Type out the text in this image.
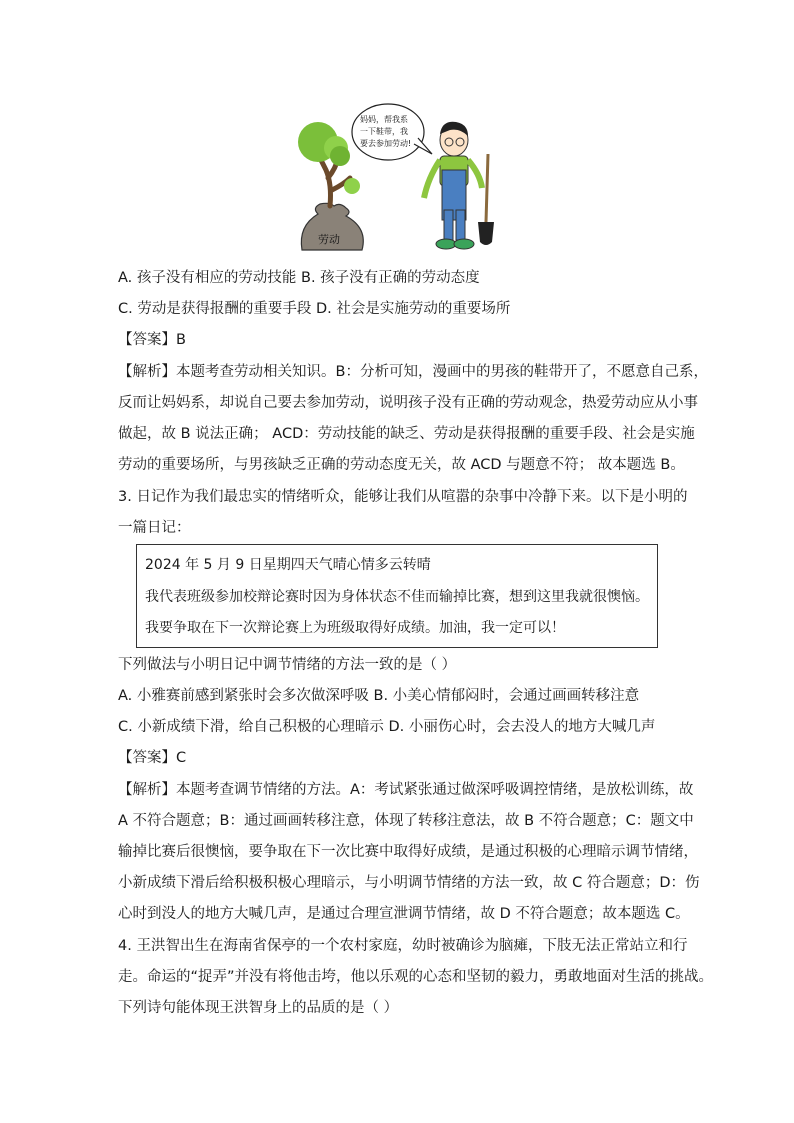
劳动
妈妈，帮我系
一下鞋带，我
要去参加劳动!
A. 孩子没有相应的劳动技能 B. 孩子没有正确的劳动态度
C. 劳动是获得报酬的重要手段 D. 社会是实施劳动的重要场所
【答案】B
【解析】本题考查劳动相关知识。B：分析可知，漫画中的男孩的鞋带开了，不愿意自己系，
反而让妈妈系，却说自己要去参加劳动，说明孩子没有正确的劳动观念，热爱劳动应从小事
做起，故 B 说法正确； ACD：劳动技能的缺乏、劳动是获得报酬的重要手段、社会是实施
劳动的重要场所，与男孩缺乏正确的劳动态度无关，故 ACD 与题意不符； 故本题选 B。
3. 日记作为我们最忠实的情绪听众，能够让我们从喧嚣的杂事中冷静下来。以下是小明的
一篇日记：
2024 年 5 月 9 日星期四天气晴心情多云转晴
我代表班级参加校辩论赛时因为身体状态不佳而输掉比赛，想到这里我就很懊恼。
我要争取在下一次辩论赛上为班级取得好成绩。加油，我一定可以！
下列做法与小明日记中调节情绪的方法一致的是（ ）
A. 小雅赛前感到紧张时会多次做深呼吸 B. 小美心情郁闷时，会通过画画转移注意
C. 小新成绩下滑，给自己积极的心理暗示 D. 小丽伤心时，会去没人的地方大喊几声
【答案】C
【解析】本题考查调节情绪的方法。A：考试紧张通过做深呼吸调控情绪，是放松训练，故
A 不符合题意；B：通过画画转移注意，体现了转移注意法，故 B 不符合题意；C：题文中
输掉比赛后很懊恼，要争取在下一次比赛中取得好成绩，是通过积极的心理暗示调节情绪，
小新成绩下滑后给积极积极心理暗示，与小明调节情绪的方法一致，故 C 符合题意；D：伤
心时到没人的地方大喊几声，是通过合理宣泄调节情绪，故 D 不符合题意；故本题选 C。
4. 王洪智出生在海南省保亭的一个农村家庭，幼时被确诊为脑瘫，下肢无法正常站立和行
走。命运的“捉弄”并没有将他击垮，他以乐观的心态和坚韧的毅力，勇敢地面对生活的挑战。
下列诗句能体现王洪智身上的品质的是（ ）
